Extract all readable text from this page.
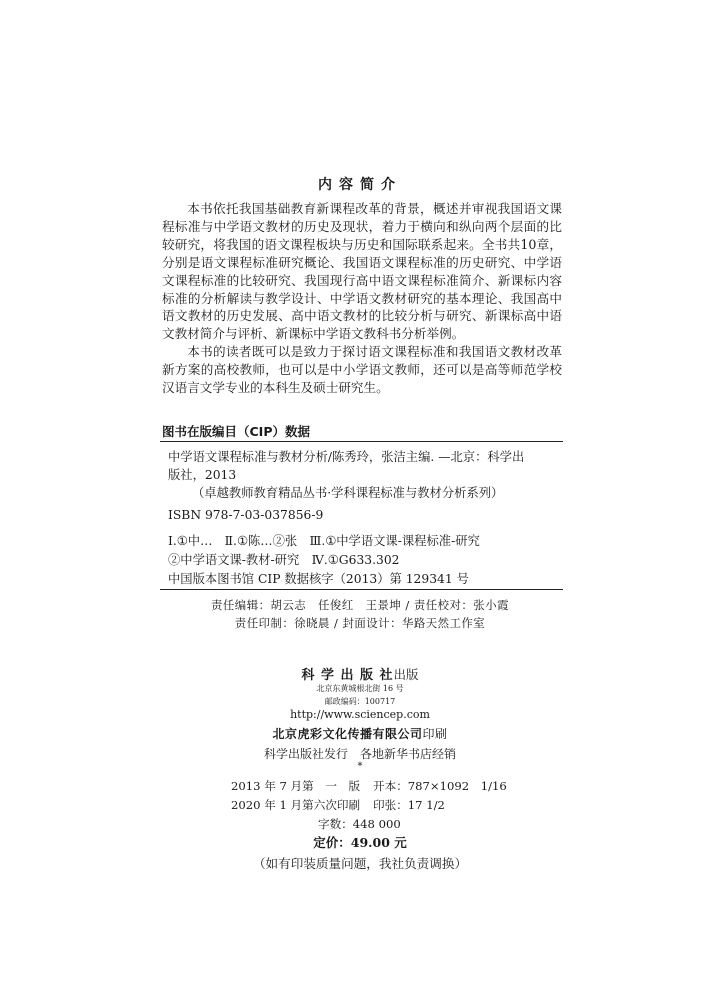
内容简介

本书依托我国基础教育新课程改革的背景，概述并审视我国语文课程标准与中学语文教材的历史及现状，着力于横向和纵向两个层面的比较研究，将我国的语文课程板块与历史和国际联系起来。全书共10章，分别是语文课程标准研究概论、我国语文课程标准的历史研究、中学语文课程标准的比较研究、我国现行高中语文课程标准简介、新课标内容标准的分析解读与教学设计、中学语文教材研究的基本理论、我国高中语文教材的历史发展、高中语文教材的比较分析与研究、新课标高中语文教材简介与评析、新课标中学语文教科书分析举例。

本书的读者既可以是致力于探讨语文课程标准和我国语文教材改革新方案的高校教师，也可以是中小学语文教师，还可以是高等师范学校汉语言文学专业的本科生及硕士研究生。

图书在版编目（CIP）数据
中学语文课程标准与教材分析/陈秀玲，张洁主编. —北京：科学出
版社，2013
（卓越教师教育精品丛书·学科课程标准与教材分析系列）
ISBN 978-7-03-037856-9
Ⅰ.①中…　Ⅱ.①陈…②张　Ⅲ.①中学语文课-课程标准-研究
②中学语文课-教材-研究　Ⅳ.①G633.302
中国版本图书馆 CIP 数据核字（2013）第 129341 号
责任编辑：胡云志　任俊红　王景坤 / 责任校对：张小霞
责任印制：徐晓晨 / 封面设计：华路天然工作室
科 学 出 版 社出版
北京东黄城根北街 16 号
邮政编码：100717
http://www.sciencep.com
北京虎彩文化传播有限公司印刷
科学出版社发行　各地新华书店经销
*
2013 年 7 月第　一　版 开本：787×1092　1/16
2020 年 1 月第六次印刷 印张：17 1/2
字数：448 000
定价：49.00 元
（如有印装质量问题，我社负责调换）
